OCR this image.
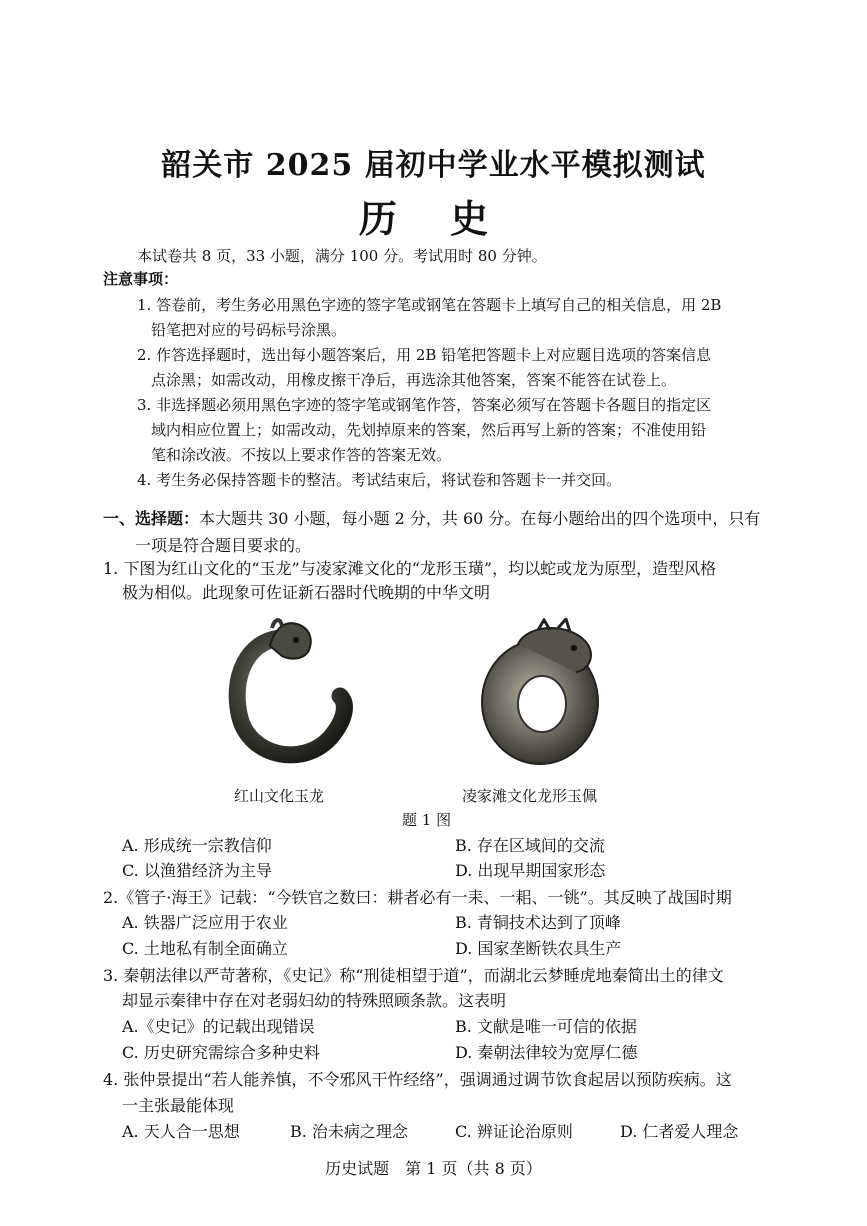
韶关市 2025 届初中学业水平模拟测试
历 史
本试卷共 8 页，33 小题，满分 100 分。考试用时 80 分钟。
注意事项：
1. 答卷前，考生务必用黑色字迹的签字笔或钢笔在答题卡上填写自己的相关信息，用 2B
铅笔把对应的号码标号涂黑。
2. 作答选择题时，选出每小题答案后，用 2B 铅笔把答题卡上对应题目选项的答案信息
点涂黑；如需改动，用橡皮擦干净后，再选涂其他答案，答案不能答在试卷上。
3. 非选择题必须用黑色字迹的签字笔或钢笔作答，答案必须写在答题卡各题目的指定区
域内相应位置上；如需改动，先划掉原来的答案，然后再写上新的答案；不准使用铅
笔和涂改液。不按以上要求作答的答案无效。
4. 考生务必保持答题卡的整洁。考试结束后，将试卷和答题卡一并交回。
一、选择题：本大题共 30 小题，每小题 2 分，共 60 分。在每小题给出的四个选项中，只有
一项是符合题目要求的。
1. 下图为红山文化的“玉龙”与凌家滩文化的“龙形玉璜”，均以蛇或龙为原型，造型风格
极为相似。此现象可佐证新石器时代晚期的中华文明
红山文化玉龙	凌家滩文化龙形玉佩
题 1 图
A. 形成统一宗教信仰	B. 存在区域间的交流
C. 以渔猎经济为主导	D. 出现早期国家形态
2.《管子·海王》记载：“今铁官之数曰：耕者必有一耒、一耜、一铫”。其反映了战国时期
A. 铁器广泛应用于农业	B. 青铜技术达到了顶峰
C. 土地私有制全面确立	D. 国家垄断铁农具生产
3. 秦朝法律以严苛著称，《史记》称“刑徒相望于道”，而湖北云梦睡虎地秦简出土的律文
却显示秦律中存在对老弱妇幼的特殊照顾条款。这表明
A.《史记》的记载出现错误	B. 文献是唯一可信的依据
C. 历史研究需综合多种史料	D. 秦朝法律较为宽厚仁德
4. 张仲景提出“若人能养慎，不令邪风干忤经络”，强调通过调节饮食起居以预防疾病。这
一主张最能体现
A. 天人合一思想	B. 治未病之理念	C. 辨证论治原则	D. 仁者爱人理念
历史试题　第 1 页（共 8 页）
